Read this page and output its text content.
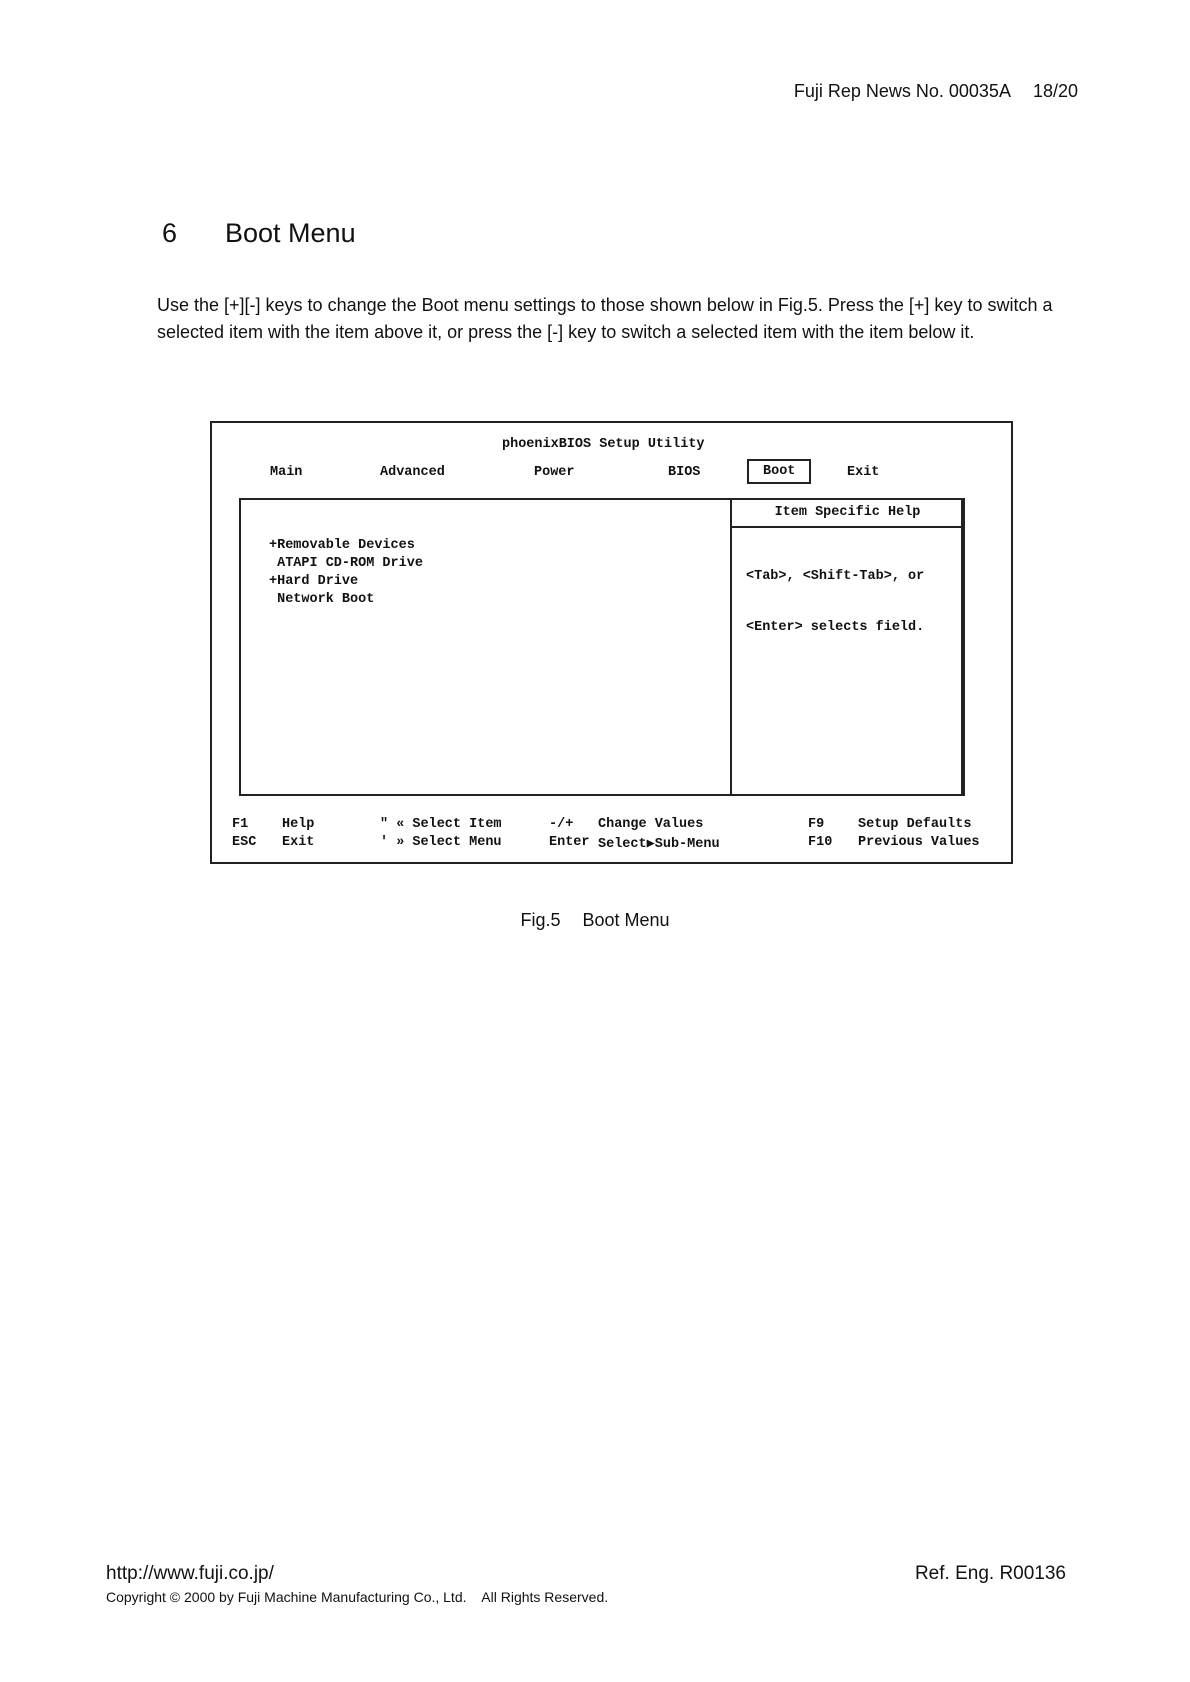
Fuji Rep News No. 00035A 18/20
6 Boot Menu
Use the [+][-] keys to change the Boot menu settings to those shown below in Fig.5. Press the [+] key to switch a selected item with the item above it, or press the [-] key to switch a selected item with the item below it.
phoenixBIOS Setup Utility
Main	Advanced	Power	BIOS	Boot	Exit
+Removable Devices
ATAPI CD-ROM Drive
+Hard Drive
Network Boot
Item Specific Help

<Tab>, <Shift-Tab>, or

<Enter> selects field.

F1	Help	" « Select Item	-/+ Change Values	F9	Setup Defaults
ESC Exit	' » Select Menu	Enter Select▶Sub-Menu	F10 Previous Values
Fig.5 Boot Menu
http://www.fuji.co.jp/
Copyright © 2000 by Fuji Machine Manufacturing Co., Ltd.    All Rights Reserved.
Ref. Eng. R00136
